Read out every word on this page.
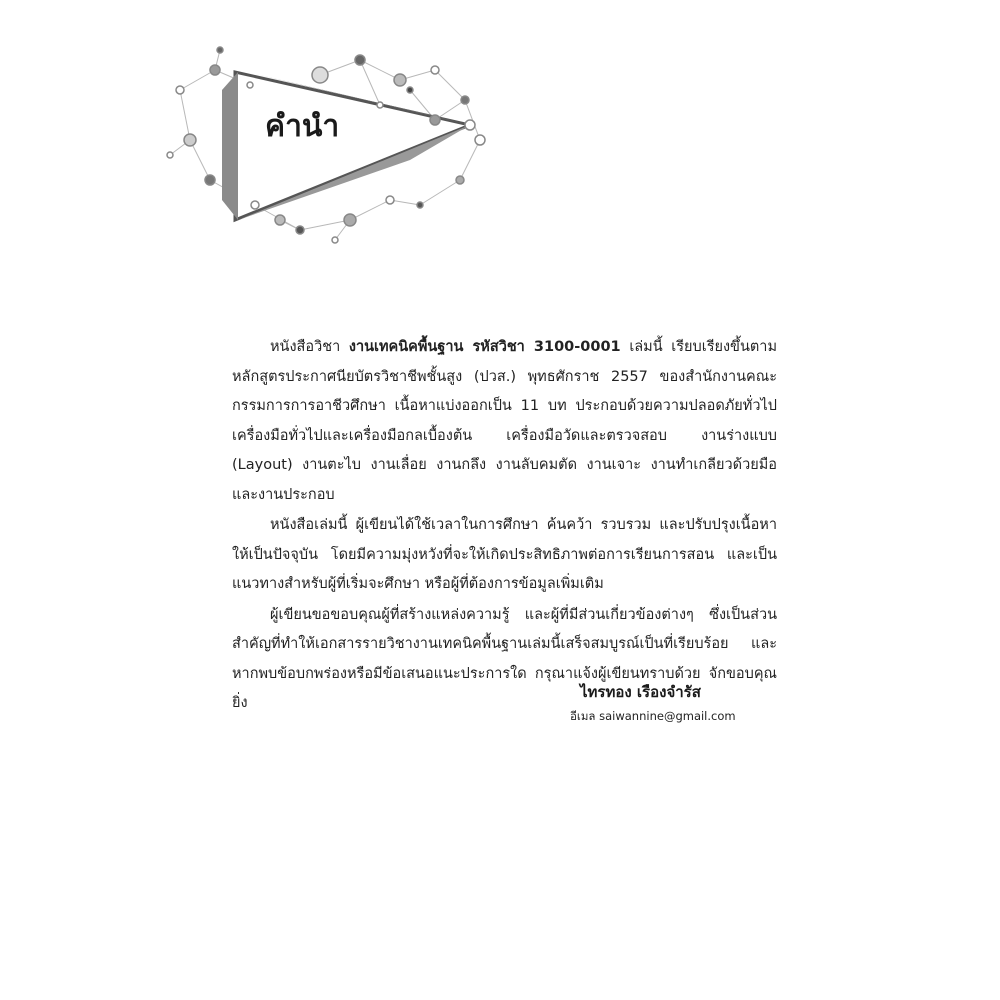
คำนำ

หนังสือวิชา งานเทคนิคพื้นฐาน รหัสวิชา 3100-0001 เล่มนี้ เรียบเรียงขึ้นตามหลักสูตรประกาศนียบัตรวิชาชีพชั้นสูง (ปวส.) พุทธศักราช 2557 ของสำนักงานคณะกรรมการการอาชีวศึกษา เนื้อหาแบ่งออกเป็น 11 บท ประกอบด้วยความปลอดภัยทั่วไป เครื่องมือทั่วไปและเครื่องมือกลเบื้องต้น เครื่องมือวัดและตรวจสอบ งานร่างแบบ (Layout) งานตะไบ งานเลื่อย งานกลึง งานลับคมตัด งานเจาะ งานทำเกลียวด้วยมือ และงานประกอบ

หนังสือเล่มนี้ ผู้เขียนได้ใช้เวลาในการศึกษา ค้นคว้า รวบรวม และปรับปรุงเนื้อหาให้เป็นปัจจุบัน โดยมีความมุ่งหวังที่จะให้เกิดประสิทธิภาพต่อการเรียนการสอน และเป็นแนวทางสำหรับผู้ที่เริ่มจะศึกษา หรือผู้ที่ต้องการข้อมูลเพิ่มเติม

ผู้เขียนขอขอบคุณผู้ที่สร้างแหล่งความรู้ และผู้ที่มีส่วนเกี่ยวข้องต่างๆ ซึ่งเป็นส่วนสำคัญที่ทำให้เอกสารรายวิชางานเทคนิคพื้นฐานเล่มนี้เสร็จสมบูรณ์เป็นที่เรียบร้อย และหากพบข้อบกพร่องหรือมีข้อเสนอแนะประการใด กรุณาแจ้งผู้เขียนทราบด้วย จักขอบคุณยิ่ง

ไทรทอง เรืองจำรัส
อีเมล saiwannine@gmail.com
